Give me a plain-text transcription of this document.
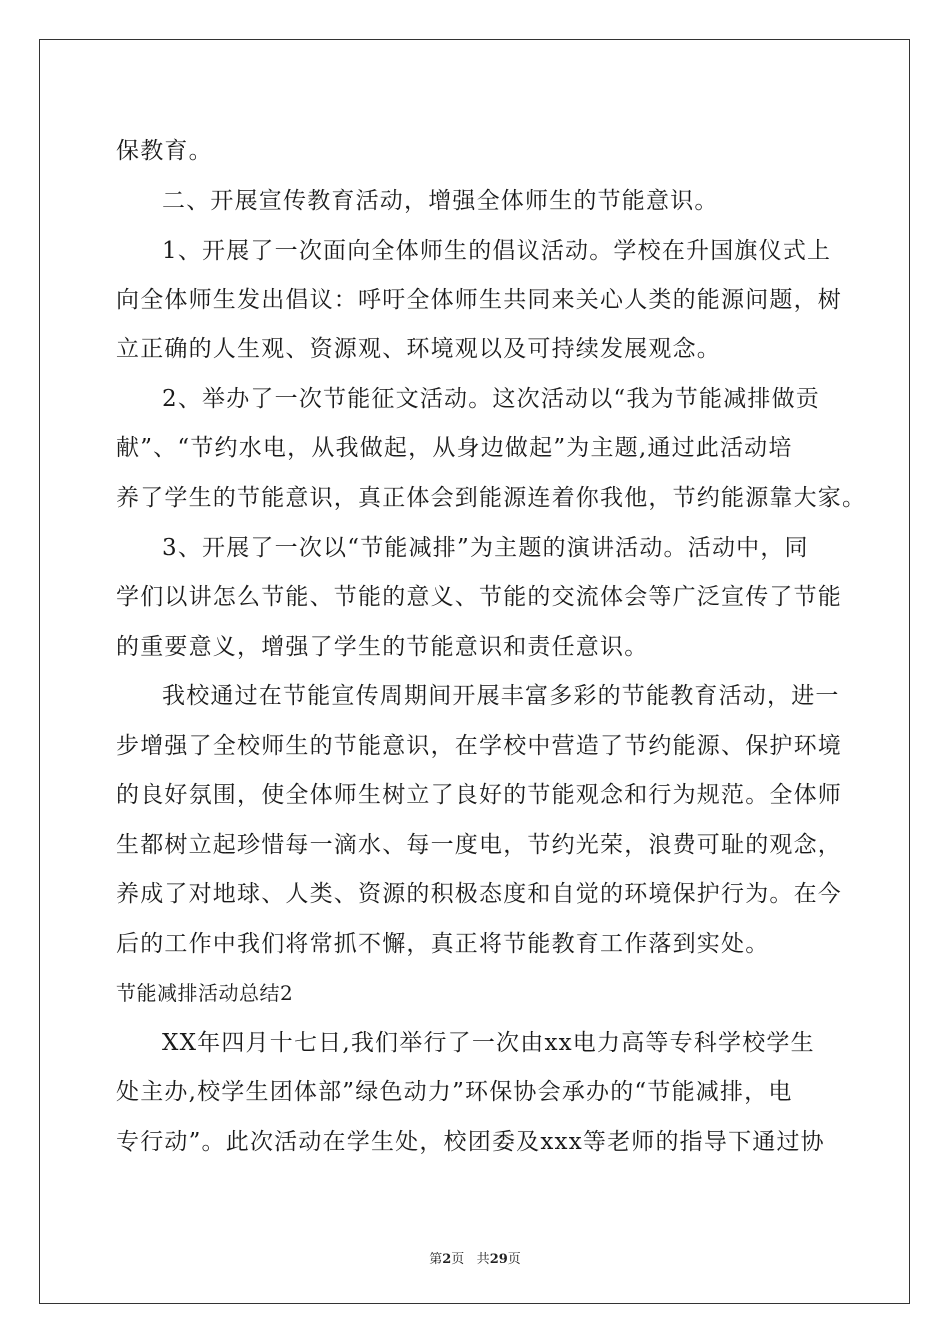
保教育。
二、开展宣传教育活动，增强全体师生的节能意识。
1、开展了一次面向全体师生的倡议活动。学校在升国旗仪式上
向全体师生发出倡议：呼吁全体师生共同来关心人类的能源问题，树
立正确的人生观、资源观、环境观以及可持续发展观念。
2、举办了一次节能征文活动。这次活动以“我为节能减排做贡
献”、“节约水电，从我做起，从身边做起”为主题,通过此活动培
养了学生的节能意识，真正体会到能源连着你我他，节约能源靠大家。
3、开展了一次以“节能减排”为主题的演讲活动。活动中，同
学们以讲怎么节能、节能的意义、节能的交流体会等广泛宣传了节能
的重要意义，增强了学生的节能意识和责任意识。
我校通过在节能宣传周期间开展丰富多彩的节能教育活动，进一
步增强了全校师生的节能意识，在学校中营造了节约能源、保护环境
的良好氛围，使全体师生树立了良好的节能观念和行为规范。全体师
生都树立起珍惜每一滴水、每一度电，节约光荣，浪费可耻的观念，
养成了对地球、人类、资源的积极态度和自觉的环境保护行为。在今
后的工作中我们将常抓不懈，真正将节能教育工作落到实处。
节能减排活动总结2
XX年四月十七日,我们举行了一次由xx电力高等专科学校学生
处主办,校学生团体部”绿色动力”环保协会承办的“节能减排，电
专行动”。此次活动在学生处，校团委及xxx等老师的指导下通过协
第2页 共29页
